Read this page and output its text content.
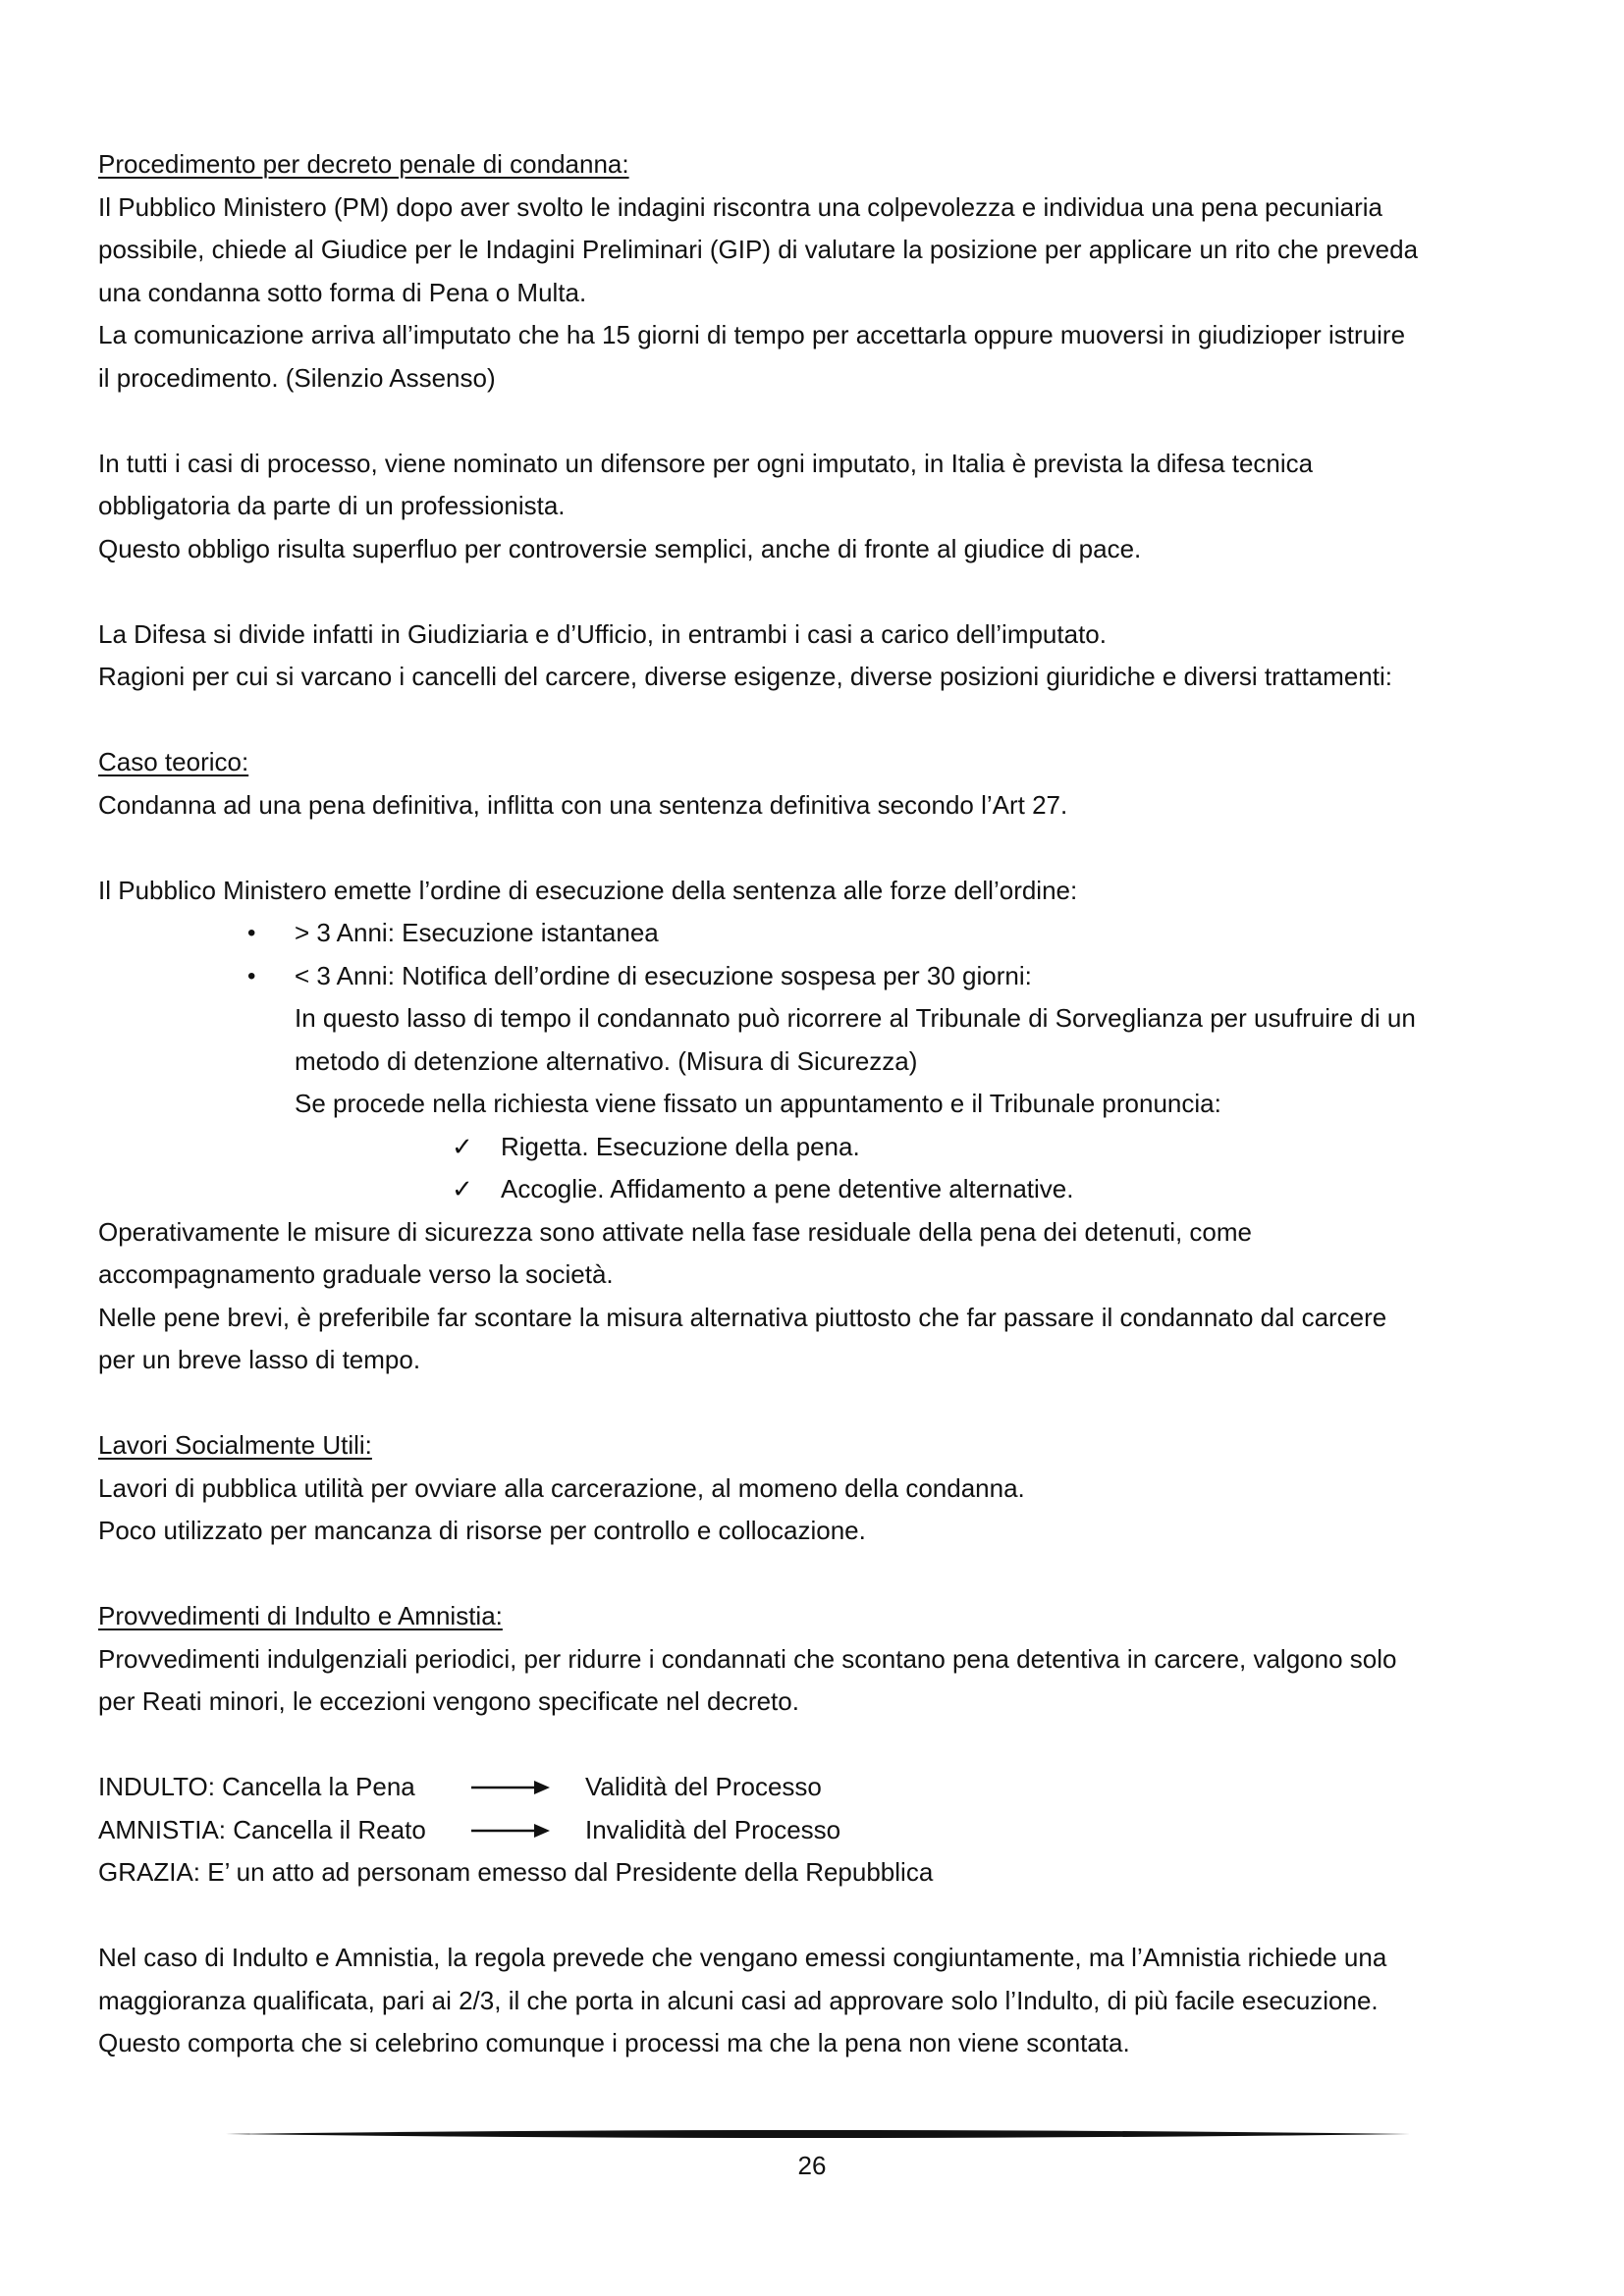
Procedimento per decreto penale di condanna:
Il Pubblico Ministero (PM) dopo aver svolto le indagini riscontra una colpevolezza e individua una pena pecuniaria
possibile, chiede al Giudice per le Indagini Preliminari (GIP) di valutare la posizione per applicare un rito che preveda
una condanna sotto forma di Pena o Multa.
La comunicazione arriva all’imputato che ha 15 giorni di tempo per accettarla oppure muoversi in giudizioper istruire
il procedimento. (Silenzio Assenso)
In tutti i casi di processo, viene nominato un difensore per ogni imputato, in Italia è prevista la difesa tecnica
obbligatoria da parte di un professionista.
Questo obbligo risulta superfluo per controversie semplici, anche di fronte al giudice di pace.
La Difesa si divide infatti in Giudiziaria e d’Ufficio, in entrambi i casi a carico dell’imputato.
Ragioni per cui si varcano i cancelli del carcere, diverse esigenze, diverse posizioni giuridiche e diversi trattamenti:
Caso teorico:
Condanna ad una pena definitiva, inflitta con una sentenza definitiva secondo l’Art 27.
Il Pubblico Ministero emette l’ordine di esecuzione della sentenza alle forze dell’ordine:
• > 3 Anni: Esecuzione istantanea
• < 3 Anni: Notifica dell’ordine di esecuzione sospesa per 30 giorni:
In questo lasso di tempo il condannato può ricorrere al Tribunale di Sorveglianza per usufruire di un
metodo di detenzione alternativo. (Misura di Sicurezza)
Se procede nella richiesta viene fissato un appuntamento e il Tribunale pronuncia:
✓ Rigetta. Esecuzione della pena.
✓ Accoglie. Affidamento a pene detentive alternative.
Operativamente le misure di sicurezza sono attivate nella fase residuale della pena dei detenuti, come
accompagnamento graduale verso la società.
Nelle pene brevi, è preferibile far scontare la misura alternativa piuttosto che far passare il condannato dal carcere
per un breve lasso di tempo.
Lavori Socialmente Utili:
Lavori di pubblica utilità per ovviare alla carcerazione, al momeno della condanna.
Poco utilizzato per mancanza di risorse per controllo e collocazione.
Provvedimenti di Indulto e Amnistia:
Provvedimenti indulgenziali periodici, per ridurre i condannati che scontano pena detentiva in carcere, valgono solo
per Reati minori, le eccezioni vengono specificate nel decreto.
INDULTO: Cancella la Pena	Validità del Processo
AMNISTIA: Cancella il Reato	Invalidità del Processo
GRAZIA: E’ un atto ad personam emesso dal Presidente della Repubblica
Nel caso di Indulto e Amnistia, la regola prevede che vengano emessi congiuntamente, ma l’Amnistia richiede una
maggioranza qualificata, pari ai 2/3, il che porta in alcuni casi ad approvare solo l’Indulto, di più facile esecuzione.
Questo comporta che si celebrino comunque i processi ma che la pena non viene scontata.
26
